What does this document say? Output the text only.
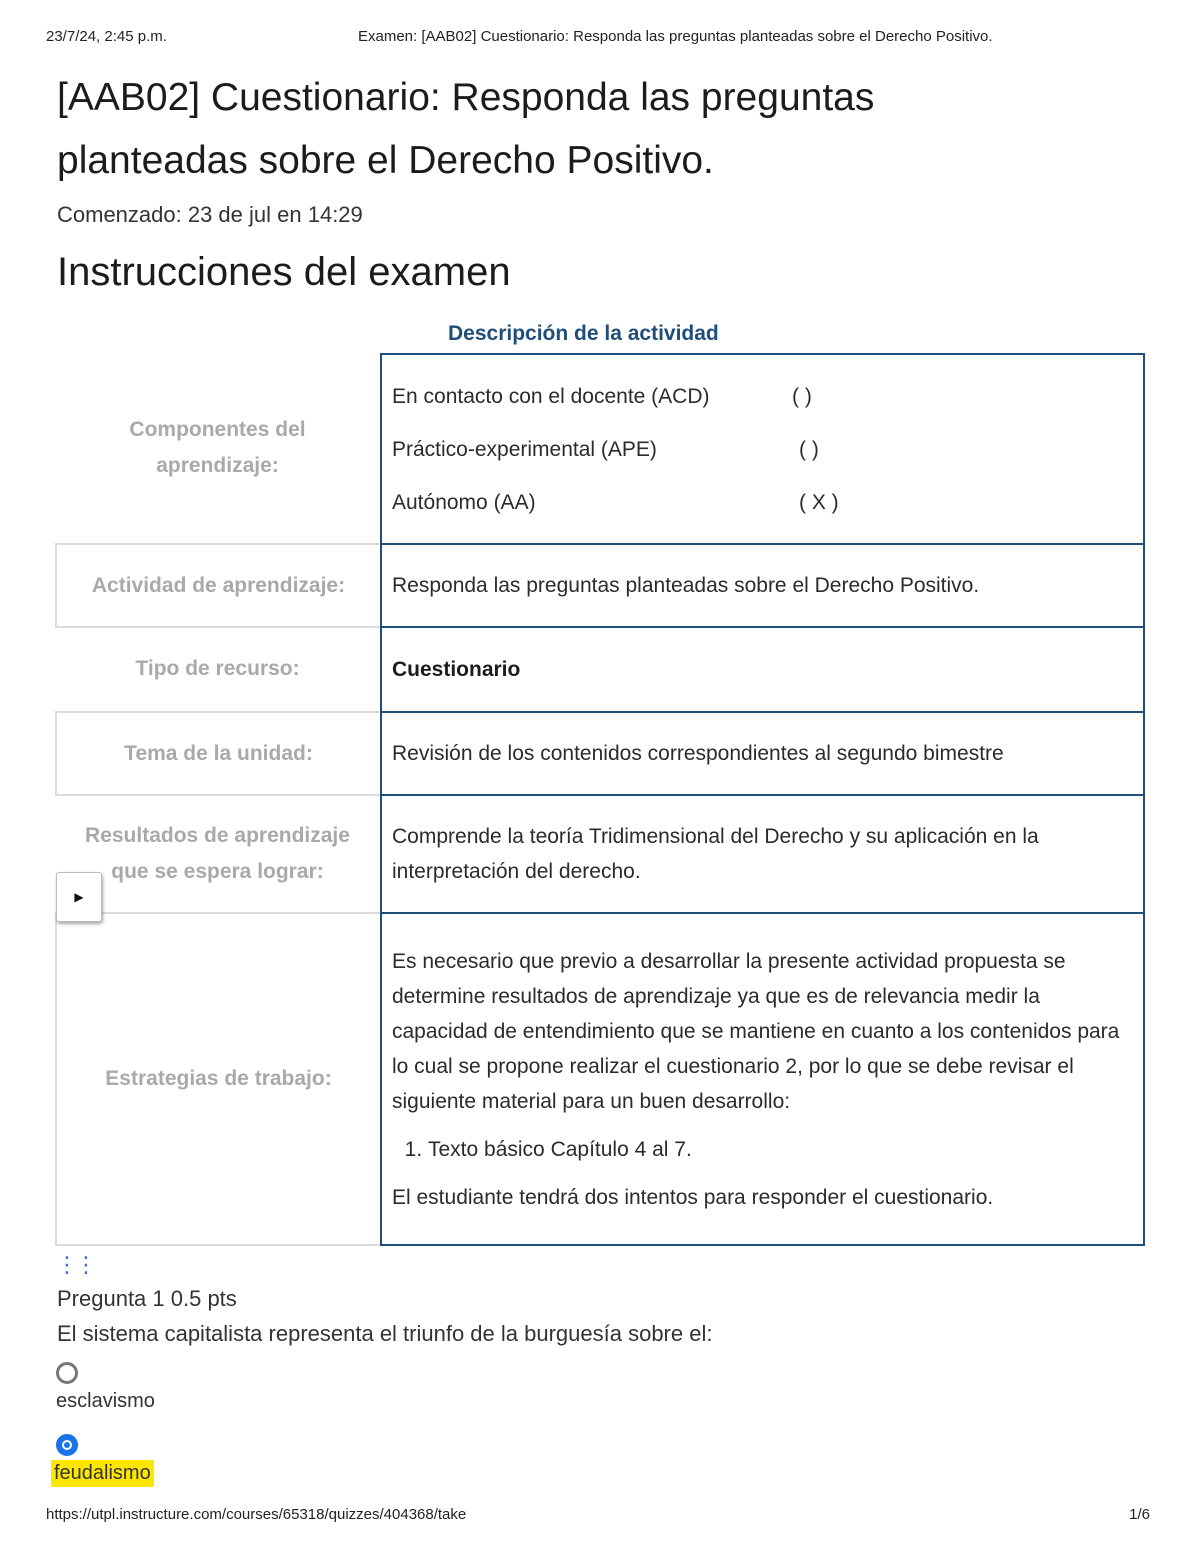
23/7/24, 2:45 p.m.	Examen: [AAB02] Cuestionario: Responda las preguntas planteadas sobre el Derecho Positivo.
[AAB02] Cuestionario: Responda las preguntas planteadas sobre el Derecho Positivo.
Comenzado: 23 de jul en 14:29
Instrucciones del examen
Descripción de la actividad
Componentes del aprendizaje:
En contacto con el docente (ACD)	( )
Práctico-experimental (APE)	( )
Autónomo (AA)	( X )
Actividad de aprendizaje:	Responda las preguntas planteadas sobre el Derecho Positivo.

Tipo de recurso:	Cuestionario

Tema de la unidad:	Revisión de los contenidos correspondientes al segundo bimestre

Resultados de aprendizaje que se espera lograr:

Comprende la teoría Tridimensional del Derecho y su aplicación en la interpretación del derecho.

Estrategias de trabajo:

Es necesario que previo a desarrollar la presente actividad propuesta se determine resultados de aprendizaje ya que es de relevancia medir la capacidad de entendimiento que se mantiene en cuanto a los contenidos para lo cual se propone realizar el cuestionario 2, por lo que se debe revisar el siguiente material para un buen desarrollo:

1. Texto básico Capítulo 4 al 7.

El estudiante tendrá dos intentos para responder el cuestionario.

▶
⋮⋮
Pregunta 1 0.5 pts
El sistema capitalista representa el triunfo de la burguesía sobre el:
esclavismo
feudalismo
https://utpl.instructure.com/courses/65318/quizzes/404368/take	1/6
